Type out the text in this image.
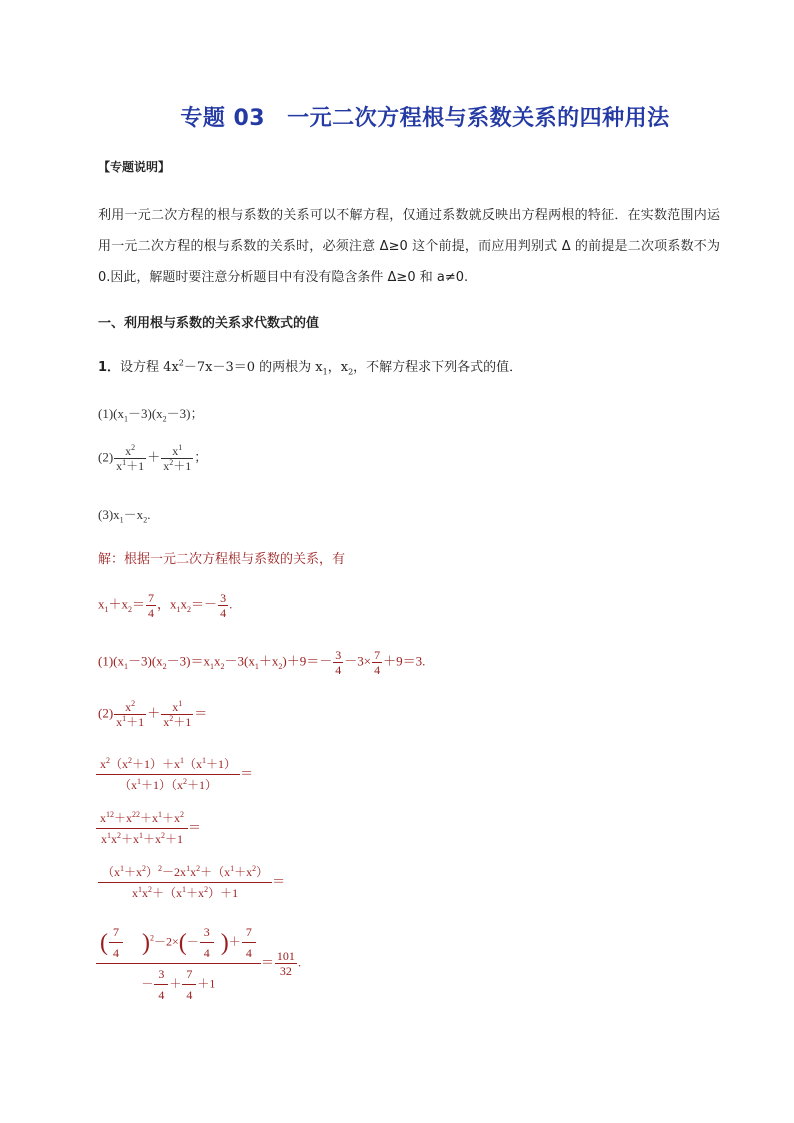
专题 03 一元二次方程根与系数关系的四种用法
【专题说明】
利用一元二次方程的根与系数的关系可以不解方程，仅通过系数就反映出方程两根的特征．在实数范围内运用一元二次方程的根与系数的关系时，必须注意 Δ≥0 这个前提，而应用判别式 Δ 的前提是二次项系数不为 0.因此，解题时要注意分析题目中有没有隐含条件 Δ≥0 和 a≠0.
一、利用根与系数的关系求代数式的值
1．设方程 $4x^2-7x-3=0$ 的两根为 $x_1$，$x_2$，不解方程求下列各式的值．
$(1)(x_1-3)(x_2-3)$；
$(2) \frac{x^2}{x^1+1} + \frac{x^1}{x^2+1}$ ；
$(3)x_1-x_2$.
解：根据一元二次方程根与系数的关系，有
$x_1+x_2= \frac{7}{4}$ ，$x_1x_2=- \frac{3}{4}$ .
$(1)(x_1-3)(x_2-3)=x_1x_2-3(x_1+x_2)+9=- \frac{3}{4} -3\times \frac{7}{4} +9=3$.
$(2) \frac{x^2}{x^1+1} + \frac{x^1}{x^2+1}$ ＝
$\frac{x^2(x^2+1)+x^1(x^1+1)}{(x^1+1)(x^2+1)}$ ＝
$\frac{x^{12}+x^{22}+x^1+x^2}{x^1x^2+x^1+x^2+1}$ ＝
$\frac{(x^1+x^2)^2-2x^1x^2+(x^1+x^2)}{x^1x^2+(x^1+x^2)+1}$ ＝
$\frac{( \frac{7}{4} )^2-2\times(- \frac{3}{4} )+ \frac{7}{4}}{- \frac{3}{4} + \frac{7}{4} +1} = \frac{101}{32}$ .
